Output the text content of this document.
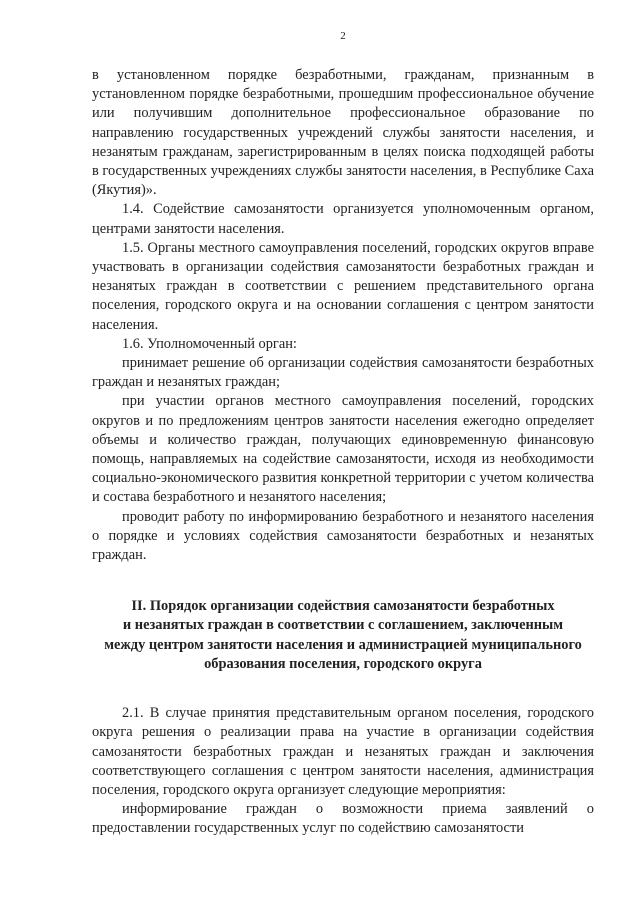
2

в установленном порядке безработными, гражданам, признанным в установленном порядке безработными, прошедшим профессиональное обучение или получившим дополнительное профессиональное образование по направлению государственных учреждений службы занятости населения, и незанятым гражданам, зарегистрированным в целях поиска подходящей работы в государственных учреждениях службы занятости населения, в Республике Саха (Якутия)».

1.4. Содействие самозанятости организуется уполномоченным органом, центрами занятости населения.

1.5. Органы местного самоуправления поселений, городских округов вправе участвовать в организации содействия самозанятости безработных граждан и незанятых граждан в соответствии с решением представительного органа поселения, городского округа и на основании соглашения с центром занятости населения.

1.6. Уполномоченный орган:

принимает решение об организации содействия самозанятости безработных граждан и незанятых граждан;

при участии органов местного самоуправления поселений, городских округов и по предложениям центров занятости населения ежегодно определяет объемы и количество граждан, получающих единовременную финансовую помощь, направляемых на содействие самозанятости, исходя из необходимости социально-экономического развития конкретной территории с учетом количества и состава безработного и незанятого населения;

проводит работу по информированию безработного и незанятого населения о порядке и условиях содействия самозанятости безработных и незанятых граждан.

II. Порядок организации содействия самозанятости безработных

и незанятых граждан в соответствии с соглашением, заключенным

между центром занятости населения и администрацией муниципального

образования поселения, городского округа

2.1. В случае принятия представительным органом поселения, городского округа решения о реализации права на участие в организации содействия самозанятости безработных граждан и незанятых граждан и заключения соответствующего соглашения с центром занятости населения, администрация поселения, городского округа организует следующие мероприятия:

информирование граждан о возможности приема заявлений о предоставлении государственных услуг по содействию самозанятости
